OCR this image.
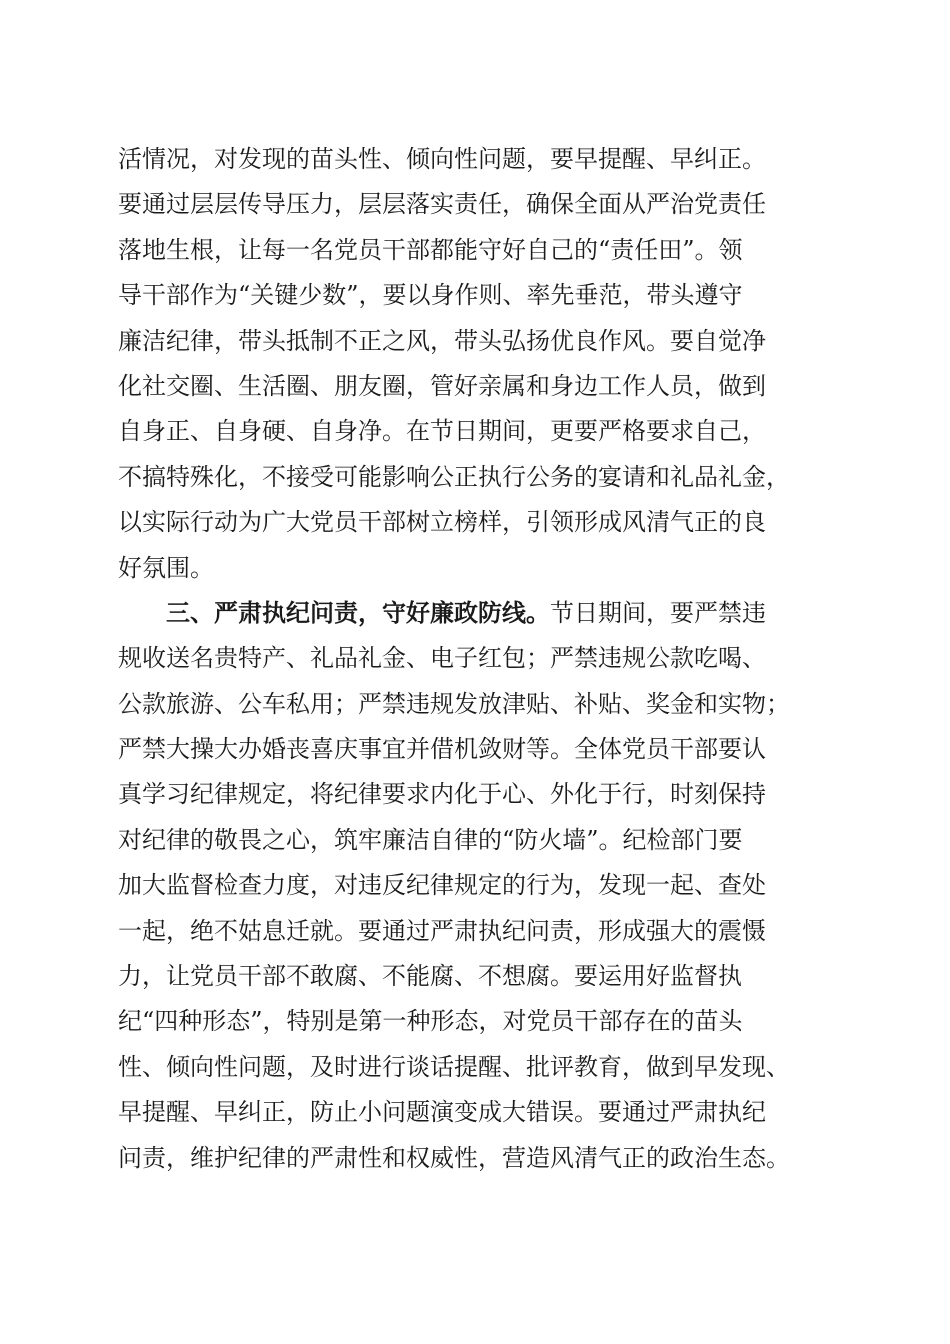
活情况，对发现的苗头性、倾向性问题，要早提醒、早纠正。
要通过层层传导压力，层层落实责任，确保全面从严治党责任
落地生根，让每一名党员干部都能守好自己的“责任田”。领
导干部作为“关键少数”，要以身作则、率先垂范，带头遵守
廉洁纪律，带头抵制不正之风，带头弘扬优良作风。要自觉净
化社交圈、生活圈、朋友圈，管好亲属和身边工作人员，做到
自身正、自身硬、自身净。在节日期间，更要严格要求自己，
不搞特殊化，不接受可能影响公正执行公务的宴请和礼品礼金，
以实际行动为广大党员干部树立榜样，引领形成风清气正的良
好氛围。
三、严肃执纪问责，守好廉政防线。节日期间，要严禁违
规收送名贵特产、礼品礼金、电子红包；严禁违规公款吃喝、
公款旅游、公车私用；严禁违规发放津贴、补贴、奖金和实物；
严禁大操大办婚丧喜庆事宜并借机敛财等。全体党员干部要认
真学习纪律规定，将纪律要求内化于心、外化于行，时刻保持
对纪律的敬畏之心，筑牢廉洁自律的“防火墙”。纪检部门要
加大监督检查力度，对违反纪律规定的行为，发现一起、查处
一起，绝不姑息迁就。要通过严肃执纪问责，形成强大的震慑
力，让党员干部不敢腐、不能腐、不想腐。要运用好监督执
纪“四种形态”，特别是第一种形态，对党员干部存在的苗头
性、倾向性问题，及时进行谈话提醒、批评教育，做到早发现、
早提醒、早纠正，防止小问题演变成大错误。要通过严肃执纪
问责，维护纪律的严肃性和权威性，营造风清气正的政治生态。
